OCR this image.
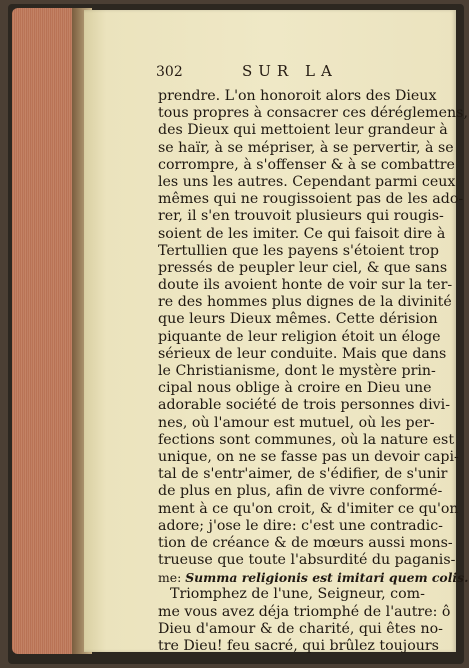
302	SUR LA
prendre. L'on honoroit alors des Dieux
tous propres à consacrer ces déréglemens,
des Dieux qui mettoient leur grandeur à
se haïr, à se mépriser, à se pervertir, à se
corrompre, à s'offenser & à se combattre
les uns les autres. Cependant parmi ceux
mêmes qui ne rougissoient pas de les ado-
rer, il s'en trouvoit plusieurs qui rougis-
soient de les imiter. Ce qui faisoit dire à
Tertullien que les payens s'étoient trop
pressés de peupler leur ciel, & que sans
doute ils avoient honte de voir sur la ter-
re des hommes plus dignes de la divinité
que leurs Dieux mêmes. Cette dérision
piquante de leur religion étoit un éloge
sérieux de leur conduite. Mais que dans
le Christianisme, dont le mystère prin-
cipal nous oblige à croire en Dieu une
adorable société de trois personnes divi-
nes, où l'amour est mutuel, où les per-
fections sont communes, où la nature est
unique, on ne se fasse pas un devoir capi-
tal de s'entr'aimer, de s'édifier, de s'unir
de plus en plus, afin de vivre conformé-
ment à ce qu'on croit, & d'imiter ce qu'on
adore; j'ose le dire: c'est une contradic-
tion de créance & de mœurs aussi mons-
trueuse que toute l'absurdité du paganis-
me: Summa religionis est imitari quem colis.
Triomphez de l'une, Seigneur, com-
me vous avez déja triomphé de l'autre: ô
Dieu d'amour & de charité, qui êtes no-
tre Dieu! feu sacré, qui brûlez toujours
